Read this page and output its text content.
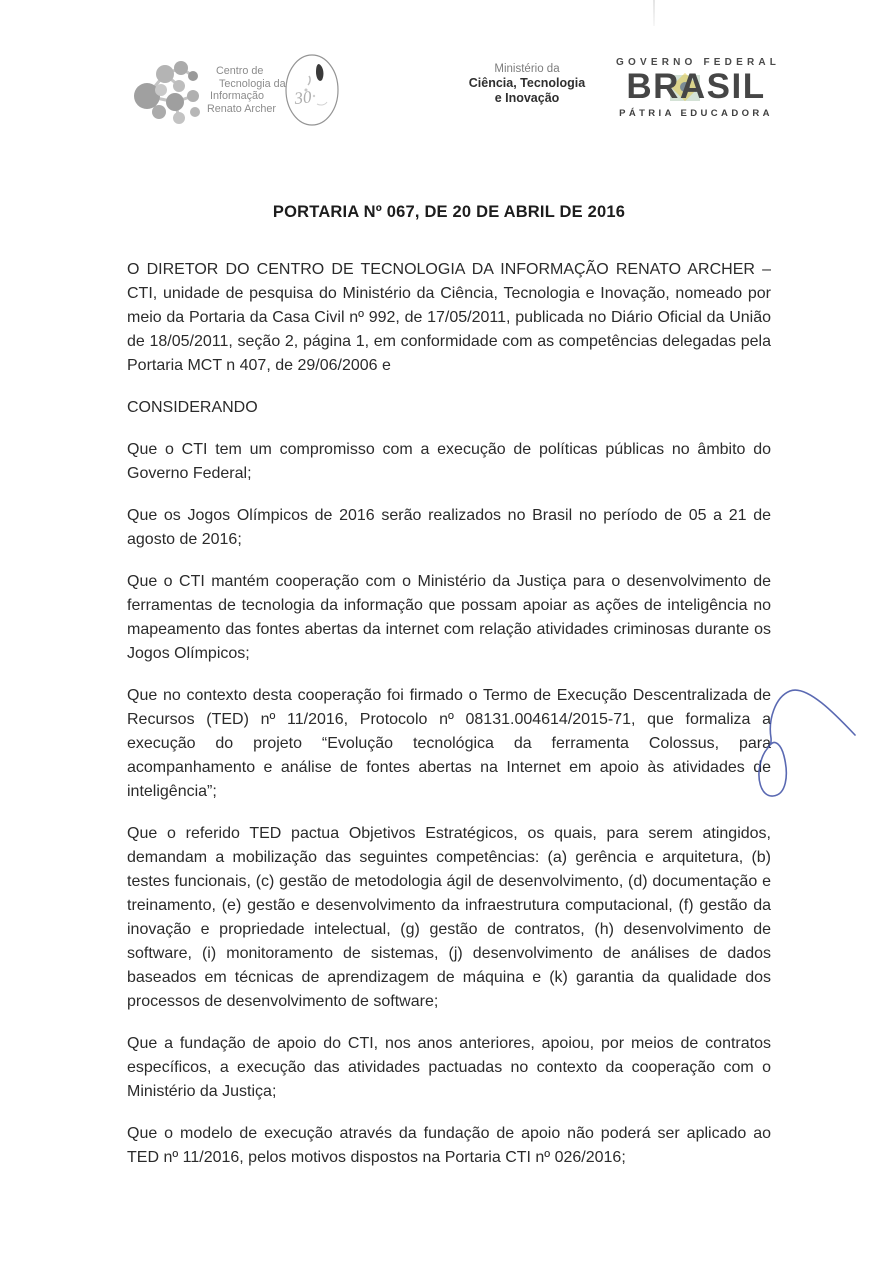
Centro de
Tecnologia da
Informação
Renato Archer
30
Ministério da
Ciência, Tecnologia
e Inovação
GOVERNO FEDERAL
BRASIL
PÁTRIA EDUCADORA
PORTARIA Nº 067, DE 20 DE ABRIL DE 2016

O DIRETOR DO CENTRO DE TECNOLOGIA DA INFORMAÇÃO RENATO ARCHER – CTI, unidade de pesquisa do Ministério da Ciência, Tecnologia e Inovação, nomeado por meio da Portaria da Casa Civil nº 992, de 17/05/2011, publicada no Diário Oficial da União de 18/05/2011, seção 2, página 1, em conformidade com as competências delegadas pela Portaria MCT n 407, de 29/06/2006 e

CONSIDERANDO

Que o CTI tem um compromisso com a execução de políticas públicas no âmbito do Governo Federal;

Que os Jogos Olímpicos de 2016 serão realizados no Brasil no período de 05 a 21 de agosto de 2016;

Que o CTI mantém cooperação com o Ministério da Justiça para o desenvolvimento de ferramentas de tecnologia da informação que possam apoiar as ações de inteligência no mapeamento das fontes abertas da internet com relação atividades criminosas durante os Jogos Olímpicos;

Que no contexto desta cooperação foi firmado o Termo de Execução Descentralizada de Recursos (TED) nº 11/2016, Protocolo nº 08131.004614/2015-71, que formaliza a execução do projeto “Evolução tecnológica da ferramenta Colossus, para acompanhamento e análise de fontes abertas na Internet em apoio às atividades de inteligência”;

Que o referido TED pactua Objetivos Estratégicos, os quais, para serem atingidos, demandam a mobilização das seguintes competências: (a) gerência e arquitetura, (b) testes funcionais, (c) gestão de metodologia ágil de desenvolvimento, (d) documentação e treinamento, (e) gestão e desenvolvimento da infraestrutura computacional, (f) gestão da inovação e propriedade intelectual, (g) gestão de contratos, (h) desenvolvimento de software, (i) monitoramento de sistemas, (j) desenvolvimento de análises de dados baseados em técnicas de aprendizagem de máquina e (k) garantia da qualidade dos processos de desenvolvimento de software;

Que a fundação de apoio do CTI, nos anos anteriores, apoiou, por meios de contratos específicos, a execução das atividades pactuadas no contexto da cooperação com o Ministério da Justiça;

Que o modelo de execução através da fundação de apoio não poderá ser aplicado ao TED nº 11/2016, pelos motivos dispostos na Portaria CTI nº 026/2016;
